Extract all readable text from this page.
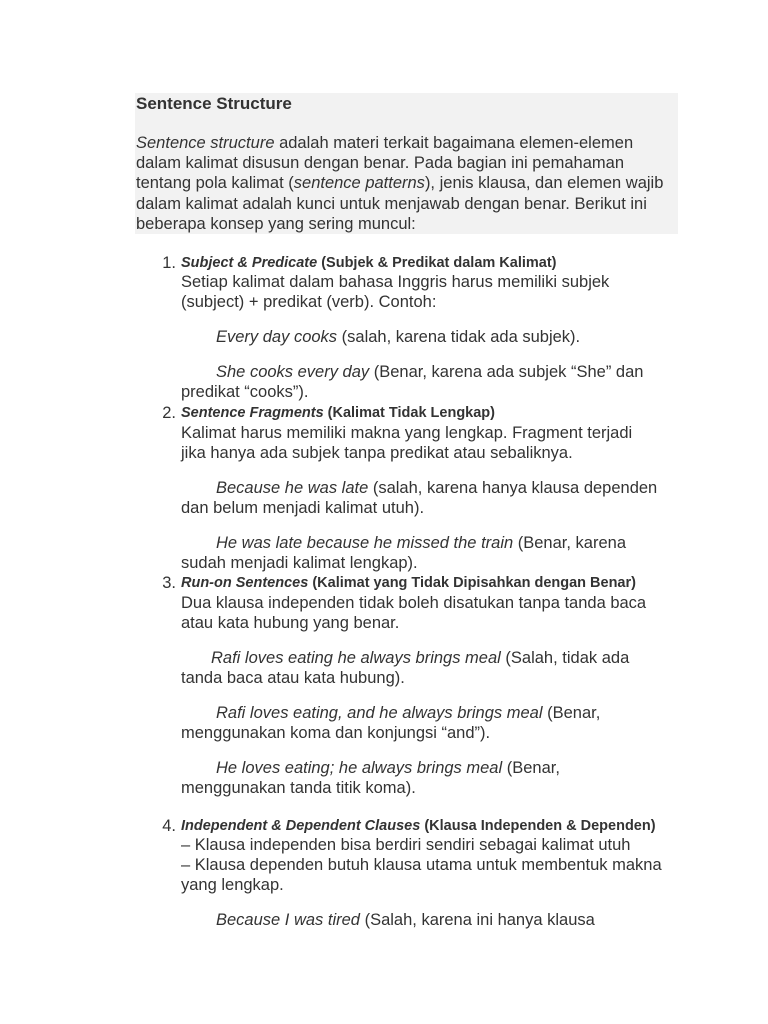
Sentence Structure
Sentence structure adalah materi terkait bagaimana elemen-elemen dalam kalimat disusun dengan benar. Pada bagian ini pemahaman tentang pola kalimat (sentence patterns), jenis klausa, dan elemen wajib dalam kalimat adalah kunci untuk menjawab dengan benar. Berikut ini beberapa konsep yang sering muncul:
1. Subject & Predicate (Subjek & Predikat dalam Kalimat)
Setiap kalimat dalam bahasa Inggris harus memiliki subjek (subject) + predikat (verb). Contoh:
Every day cooks (salah, karena tidak ada subjek).
She cooks every day (Benar, karena ada subjek “She” dan predikat “cooks”).
2. Sentence Fragments (Kalimat Tidak Lengkap)
Kalimat harus memiliki makna yang lengkap. Fragment terjadi jika hanya ada subjek tanpa predikat atau sebaliknya.
Because he was late (salah, karena hanya klausa dependen dan belum menjadi kalimat utuh).
He was late because he missed the train (Benar, karena sudah menjadi kalimat lengkap).
3. Run-on Sentences (Kalimat yang Tidak Dipisahkan dengan Benar)
Dua klausa independen tidak boleh disatukan tanpa tanda baca atau kata hubung yang benar.
Rafi loves eating he always brings meal (Salah, tidak ada tanda baca atau kata hubung).
Rafi loves eating, and he always brings meal (Benar, menggunakan koma dan konjungsi “and”).
He loves eating; he always brings meal (Benar, menggunakan tanda titik koma).
4. Independent & Dependent Clauses (Klausa Independen & Dependen)
– Klausa independen bisa berdiri sendiri sebagai kalimat utuh
– Klausa dependen butuh klausa utama untuk membentuk makna yang lengkap.
Because I was tired (Salah, karena ini hanya klausa
